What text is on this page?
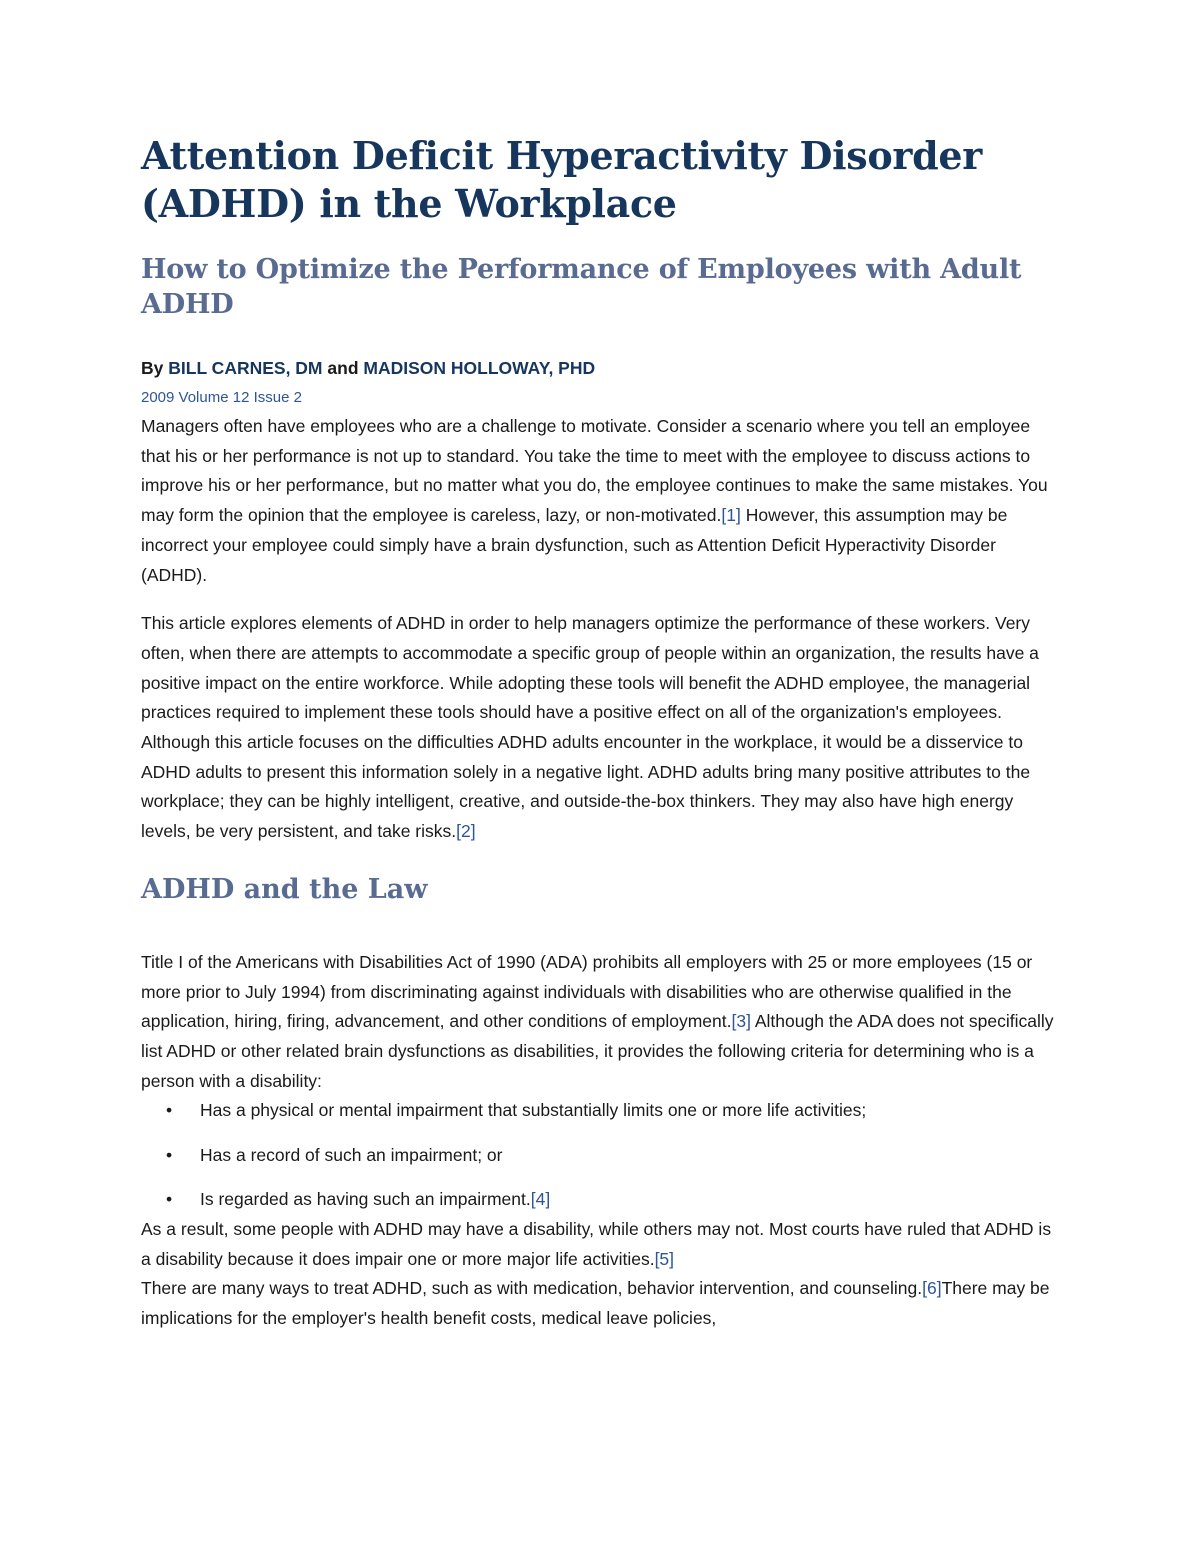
Attention Deficit Hyperactivity Disorder (ADHD) in the Workplace
How to Optimize the Performance of Employees with Adult ADHD
By BILL CARNES, DM and MADISON HOLLOWAY, PHD
2009 Volume 12 Issue 2

Managers often have employees who are a challenge to motivate. Consider a scenario where you tell an employee that his or her performance is not up to standard. You take the time to meet with the employee to discuss actions to improve his or her performance, but no matter what you do, the employee continues to make the same mistakes. You may form the opinion that the employee is careless, lazy, or non-motivated.[1] However, this assumption may be incorrect your employee could simply have a brain dysfunction, such as Attention Deficit Hyperactivity Disorder (ADHD).

This article explores elements of ADHD in order to help managers optimize the performance of these workers. Very often, when there are attempts to accommodate a specific group of people within an organization, the results have a positive impact on the entire workforce. While adopting these tools will benefit the ADHD employee, the managerial practices required to implement these tools should have a positive effect on all of the organization's employees. Although this article focuses on the difficulties ADHD adults encounter in the workplace, it would be a disservice to ADHD adults to present this information solely in a negative light. ADHD adults bring many positive attributes to the workplace; they can be highly intelligent, creative, and outside-the-box thinkers. They may also have high energy levels, be very persistent, and take risks.[2]

ADHD and the Law

Title I of the Americans with Disabilities Act of 1990 (ADA) prohibits all employers with 25 or more employees (15 or more prior to July 1994) from discriminating against individuals with disabilities who are otherwise qualified in the application, hiring, firing, advancement, and other conditions of employment.[3] Although the ADA does not specifically list ADHD or other related brain dysfunctions as disabilities, it provides the following criteria for determining who is a person with a disability:

• Has a physical or mental impairment that substantially limits one or more life activities;
• Has a record of such an impairment; or
• Is regarded as having such an impairment.[4]

As a result, some people with ADHD may have a disability, while others may not. Most courts have ruled that ADHD is a disability because it does impair one or more major life activities.[5]

There are many ways to treat ADHD, such as with medication, behavior intervention, and counseling.[6]There may be implications for the employer's health benefit costs, medical leave policies,
